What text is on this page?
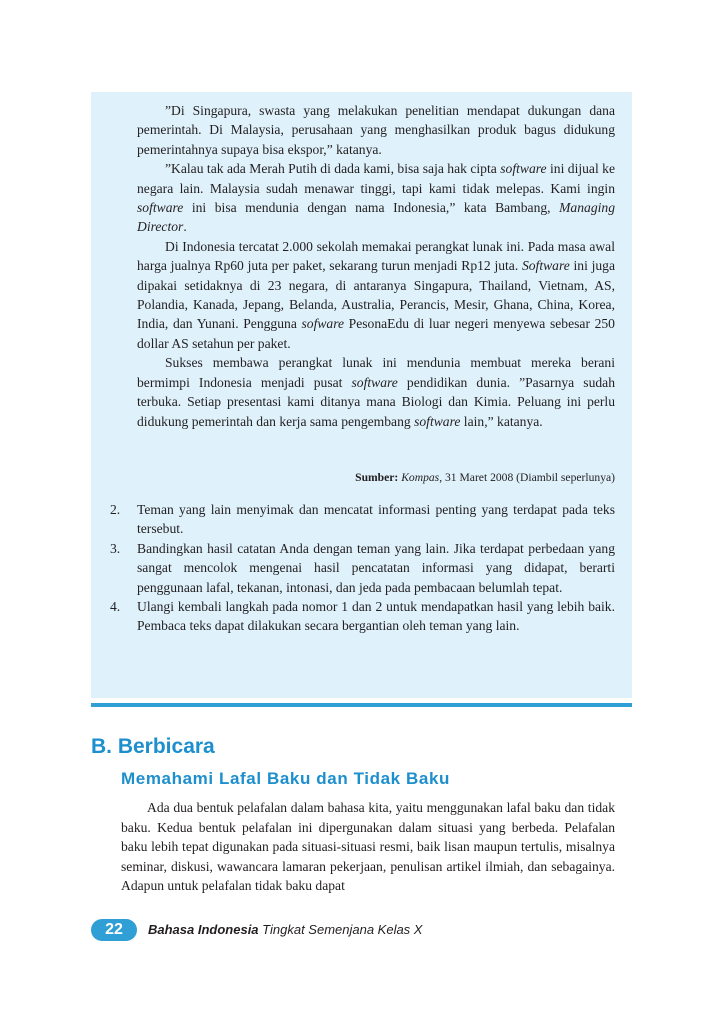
”Di Singapura, swasta yang melakukan penelitian mendapat dukungan dana pemerintah. Di Malaysia, perusahaan yang menghasilkan produk bagus didukung pemerintahnya supaya bisa ekspor,” katanya.

”Kalau tak ada Merah Putih di dada kami, bisa saja hak cipta software ini dijual ke negara lain. Malaysia sudah menawar tinggi, tapi kami tidak melepas. Kami ingin software ini bisa mendunia dengan nama Indonesia,” kata Bambang, Managing Director.

Di Indonesia tercatat 2.000 sekolah memakai perangkat lunak ini. Pada masa awal harga jualnya Rp60 juta per paket, sekarang turun menjadi Rp12 juta. Software ini juga dipakai setidaknya di 23 negara, di antaranya Singapura, Thailand, Vietnam, AS, Polandia, Kanada, Jepang, Belanda, Australia, Perancis, Mesir, Ghana, China, Korea, India, dan Yunani. Pengguna sofware PesonaEdu di luar negeri menyewa sebesar 250 dollar AS setahun per paket.

Sukses membawa perangkat lunak ini mendunia membuat mereka berani bermimpi Indonesia menjadi pusat software pendidikan dunia. ”Pasarnya sudah terbuka. Setiap presentasi kami ditanya mana Biologi dan Kimia. Peluang ini perlu didukung pemerintah dan kerja sama pengembang software lain,” katanya.

Sumber: Kompas, 31 Maret 2008 (Diambil seperlunya)
2. Teman yang lain menyimak dan mencatat informasi penting yang terdapat pada teks tersebut.
3. Bandingkan hasil catatan Anda dengan teman yang lain. Jika terdapat perbedaan yang sangat mencolok mengenai hasil pencatatan informasi yang didapat, berarti penggunaan lafal, tekanan, intonasi, dan jeda pada pembacaan belumlah tepat.
4. Ulangi kembali langkah pada nomor 1 dan 2 untuk mendapatkan hasil yang lebih baik. Pembaca teks dapat dilakukan secara bergantian oleh teman yang lain.
B. Berbicara
Memahami Lafal Baku dan Tidak Baku

Ada dua bentuk pelafalan dalam bahasa kita, yaitu menggunakan lafal baku dan tidak baku. Kedua bentuk pelafalan ini dipergunakan dalam situasi yang berbeda. Pelafalan baku lebih tepat digunakan pada situasi-situasi resmi, baik lisan maupun tertulis, misalnya seminar, diskusi, wawancara lamaran pekerjaan, penulisan artikel ilmiah, dan sebagainya. Adapun untuk pelafalan tidak baku dapat

22 Bahasa Indonesia Tingkat Semenjana Kelas X
